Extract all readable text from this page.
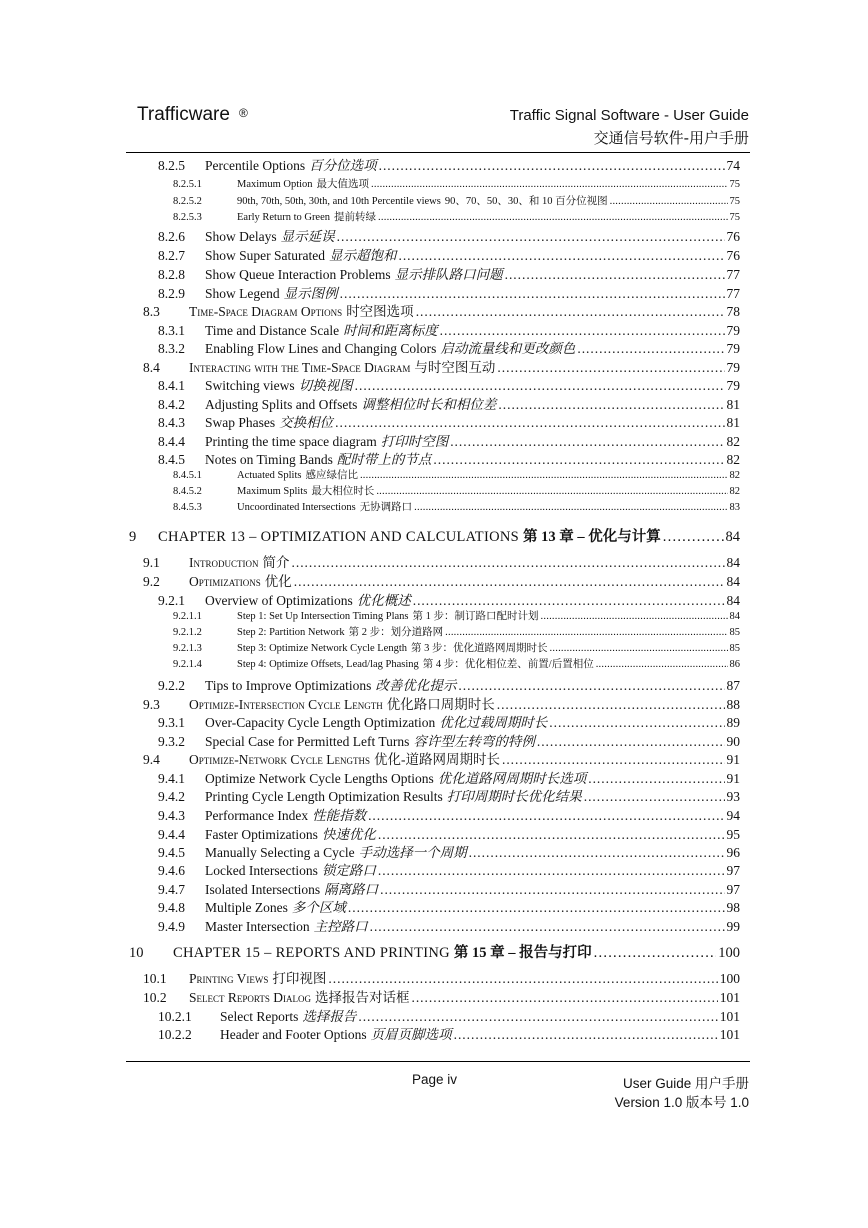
Trafficware ®	Traffic Signal Software - User Guide
交通信号软件-用户手册
8.2.5	Percentile Options 百分位选项 . . .	74
8.2.5.1	Maximum Option 最大值选项 . . .	75
8.2.5.2	90th, 70th, 50th, 30th, and 10th Percentile views 90、70、50、30、和 10 百分位视图 . . .	75
8.2.5.3	Early Return to Green 提前转绿 . . .	75
8.2.6	Show Delays 显示延误 . . .	76
8.2.7	Show Super Saturated 显示超饱和 . . .	76
8.2.8	Show Queue Interaction Problems 显示排队路口问题 . . .	77
8.2.9	Show Legend 显示图例 . . .	77
8.3	Time-Space Diagram Options 时空图选项 . . .	78
8.3.1	Time and Distance Scale 时间和距离标度 . . .	79
8.3.2	Enabling Flow Lines and Changing Colors 启动流量线和更改颜色 . . .	79
8.4	Interacting with the Time-Space Diagram 与时空图互动 . . .	79
8.4.1	Switching views 切换视图 . . .	79
8.4.2	Adjusting Splits and Offsets 调整相位时长和相位差 . . .	81
8.4.3	Swap Phases 交换相位 . . .	81
8.4.4	Printing the time space diagram 打印时空图 . . .	82
8.4.5	Notes on Timing Bands 配时带上的节点 . . .	82
8.4.5.1	Actuated Splits 感应绿信比 . . .	82
8.4.5.2	Maximum Splits 最大相位时长 . . .	82
8.4.5.3	Uncoordinated Intersections 无协调路口 . . .	83
9	CHAPTER 13 – OPTIMIZATION AND CALCULATIONS 第 13 章 – 优化与计算 . . .	84
9.1	Introduction 简介 . . .	84
9.2	Optimizations 优化 . . .	84
9.2.1	Overview of Optimizations 优化概述 . . .	84
9.2.1.1	Step 1: Set Up Intersection Timing Plans 第 1 步：制订路口配时计划 . . .	84
9.2.1.2	Step 2: Partition Network 第 2 步：划分道路网 . . .	85
9.2.1.3	Step 3: Optimize Network Cycle Length 第 3 步：优化道路网周期时长 . . .	85
9.2.1.4	Step 4: Optimize Offsets, Lead/lag Phasing 第 4 步：优化相位差、前置/后置相位 . . .	86
9.2.2	Tips to Improve Optimizations 改善优化提示 . . .	87
9.3	Optimize-Intersection Cycle Length 优化路口周期时长 . . .	88
9.3.1	Over-Capacity Cycle Length Optimization 优化过载周期时长 . . .	89
9.3.2	Special Case for Permitted Left Turns 容许型左转弯的特例 . . .	90
9.4	Optimize-Network Cycle Lengths 优化-道路网周期时长 . . .	91
9.4.1	Optimize Network Cycle Lengths Options 优化道路网周期时长选项 . . .	91
9.4.2	Printing Cycle Length Optimization Results 打印周期时长优化结果 . . .	93
9.4.3	Performance Index 性能指数 . . .	94
9.4.4	Faster Optimizations 快速优化 . . .	95
9.4.5	Manually Selecting a Cycle 手动选择一个周期 . . .	96
9.4.6	Locked Intersections 锁定路口 . . .	97
9.4.7	Isolated Intersections 隔离路口 . . .	97
9.4.8	Multiple Zones 多个区域 . . .	98
9.4.9	Master Intersection 主控路口 . . .	99
10	CHAPTER 15 – REPORTS AND PRINTING 第 15 章 – 报告与打印 . . .	100
10.1	Printing Views 打印视图 . . .	100
10.2	Select Reports Dialog 选择报告对话框 . . .	101
10.2.1	Select Reports 选择报告 . . .	101
10.2.2	Header and Footer Options 页眉页脚选项 . . .	101
Page iv	User Guide 用户手册
Version 1.0 版本号 1.0
